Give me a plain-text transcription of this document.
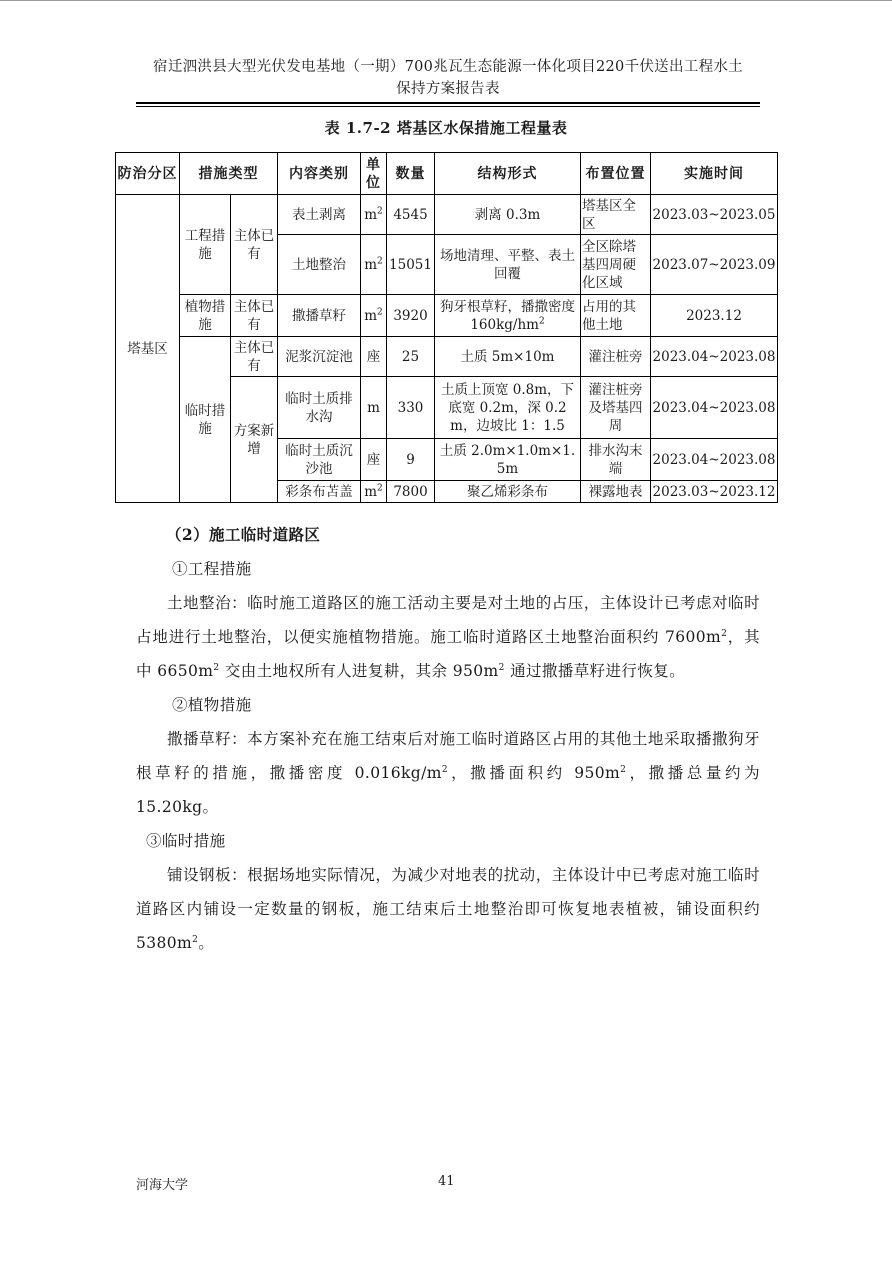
宿迁泗洪县大型光伏发电基地（一期）700兆瓦生态能源一体化项目220千伏送出工程水土
保持方案报告表
表 1.7-2 塔基区水保措施工程量表
防治分区	措施类型		内容类别	单位	数量	结构形式	布置位置	实施时间
塔基区	工程措施	主体已有	表土剥离	$m^2$	4545	剥离 0.3m	塔基区全区	2023.03~2023.05
			土地整治	$m^2$	15051	场地清理、平整、表土回覆	全区除塔基四周硬化区域	2023.07~2023.09
	植物措施	主体已有	撒播草籽	$m^2$	3920	狗牙根草籽，播撒密度 $160kg/hm^2$	占用的其他土地	2023.12
	临时措施	主体已有	泥浆沉淀池	座	25	土质 5m×10m	灌注桩旁	2023.04~2023.08
		方案新增	临时土质排水沟	m	330	土质上顶宽 0.8m，下底宽 0.2m，深 0.2m，边坡比 1：1.5	灌注桩旁及塔基四周	2023.04~2023.08
			临时土质沉沙池	座	9	土质 2.0m×1.0m×1.5m	排水沟末端	2023.04~2023.08
			彩条布苫盖	$m^2$	7800	聚乙烯彩条布	裸露地表	2023.03~2023.12

（2）施工临时道路区

①工程措施

土地整治：临时施工道路区的施工活动主要是对土地的占压，主体设计已考虑对临时占地进行土地整治，以便实施植物措施。施工临时道路区土地整治面积约 $7600m^2$，其中 $6650m^2$ 交由土地权所有人进复耕，其余 $950m^2$ 通过撒播草籽进行恢复。

②植物措施

撒播草籽：本方案补充在施工结束后对施工临时道路区占用的其他土地采取播撒狗牙根草籽的措施，撒播密度 $0.016kg/m^2$，撒播面积约 $950m^2$，撒播总量约为 15.20kg。

③临时措施

铺设钢板：根据场地实际情况，为减少对地表的扰动，主体设计中已考虑对施工临时道路区内铺设一定数量的钢板，施工结束后土地整治即可恢复地表植被，铺设面积约 $5380m^2$。

河海大学	41
